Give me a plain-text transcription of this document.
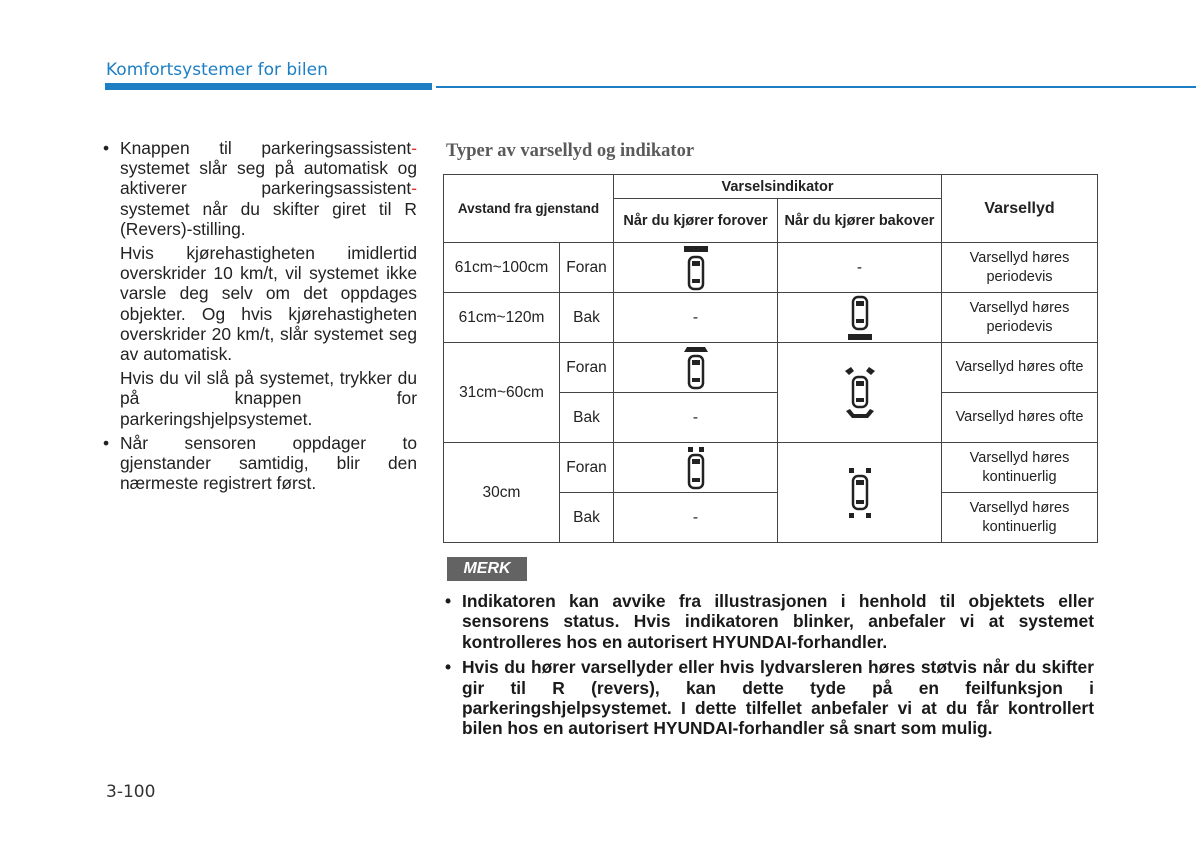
Komfortsystemer for bilen
• Knappen til parkeringsassistent- systemet slår seg på automatisk og aktiverer parkeringsassistent- systemet når du skifter giret til R (Revers)-stilling.

Hvis kjørehastigheten imidlertid overskrider 10 km/t, vil systemet ikke varsle deg selv om det oppdages objekter. Og hvis kjørehastigheten overskrider 20 km/t, slår systemet seg av automatisk.

Hvis du vil slå på systemet, trykker du på knappen for parkeringshjelpsystemet.

• Når sensoren oppdager to gjenstander samtidig, blir den nærmeste registrert først.
Typer av varsellyd og indikator
Avstand fra gjenstand		Varselsindikator		Varsellyd
		Når du kjører forover	Når du kjører bakover	
61cm~100cm	Foran		-	Varsellyd høres periodevis
61cm~120m	Bak	-		Varsellyd høres periodevis
31cm~60cm	Foran			Varsellyd høres ofte
	Bak	-		Varsellyd høres ofte
30cm	Foran			Varsellyd høres kontinuerlig
	Bak	-		Varsellyd høres kontinuerlig
MERK
• Indikatoren kan avvike fra illustrasjonen i henhold til objektets eller sensorens status. Hvis indikatoren blinker, anbefaler vi at systemet kontrolleres hos en autorisert HYUNDAI-forhandler.
• Hvis du hører varsellyder eller hvis lydvarsleren høres støtvis når du skifter gir til R (revers), kan dette tyde på en feilfunksjon i parkeringshjelpsystemet. I dette tilfellet anbefaler vi at du får kontrollert bilen hos en autorisert HYUNDAI-forhandler så snart som mulig.
3-100
